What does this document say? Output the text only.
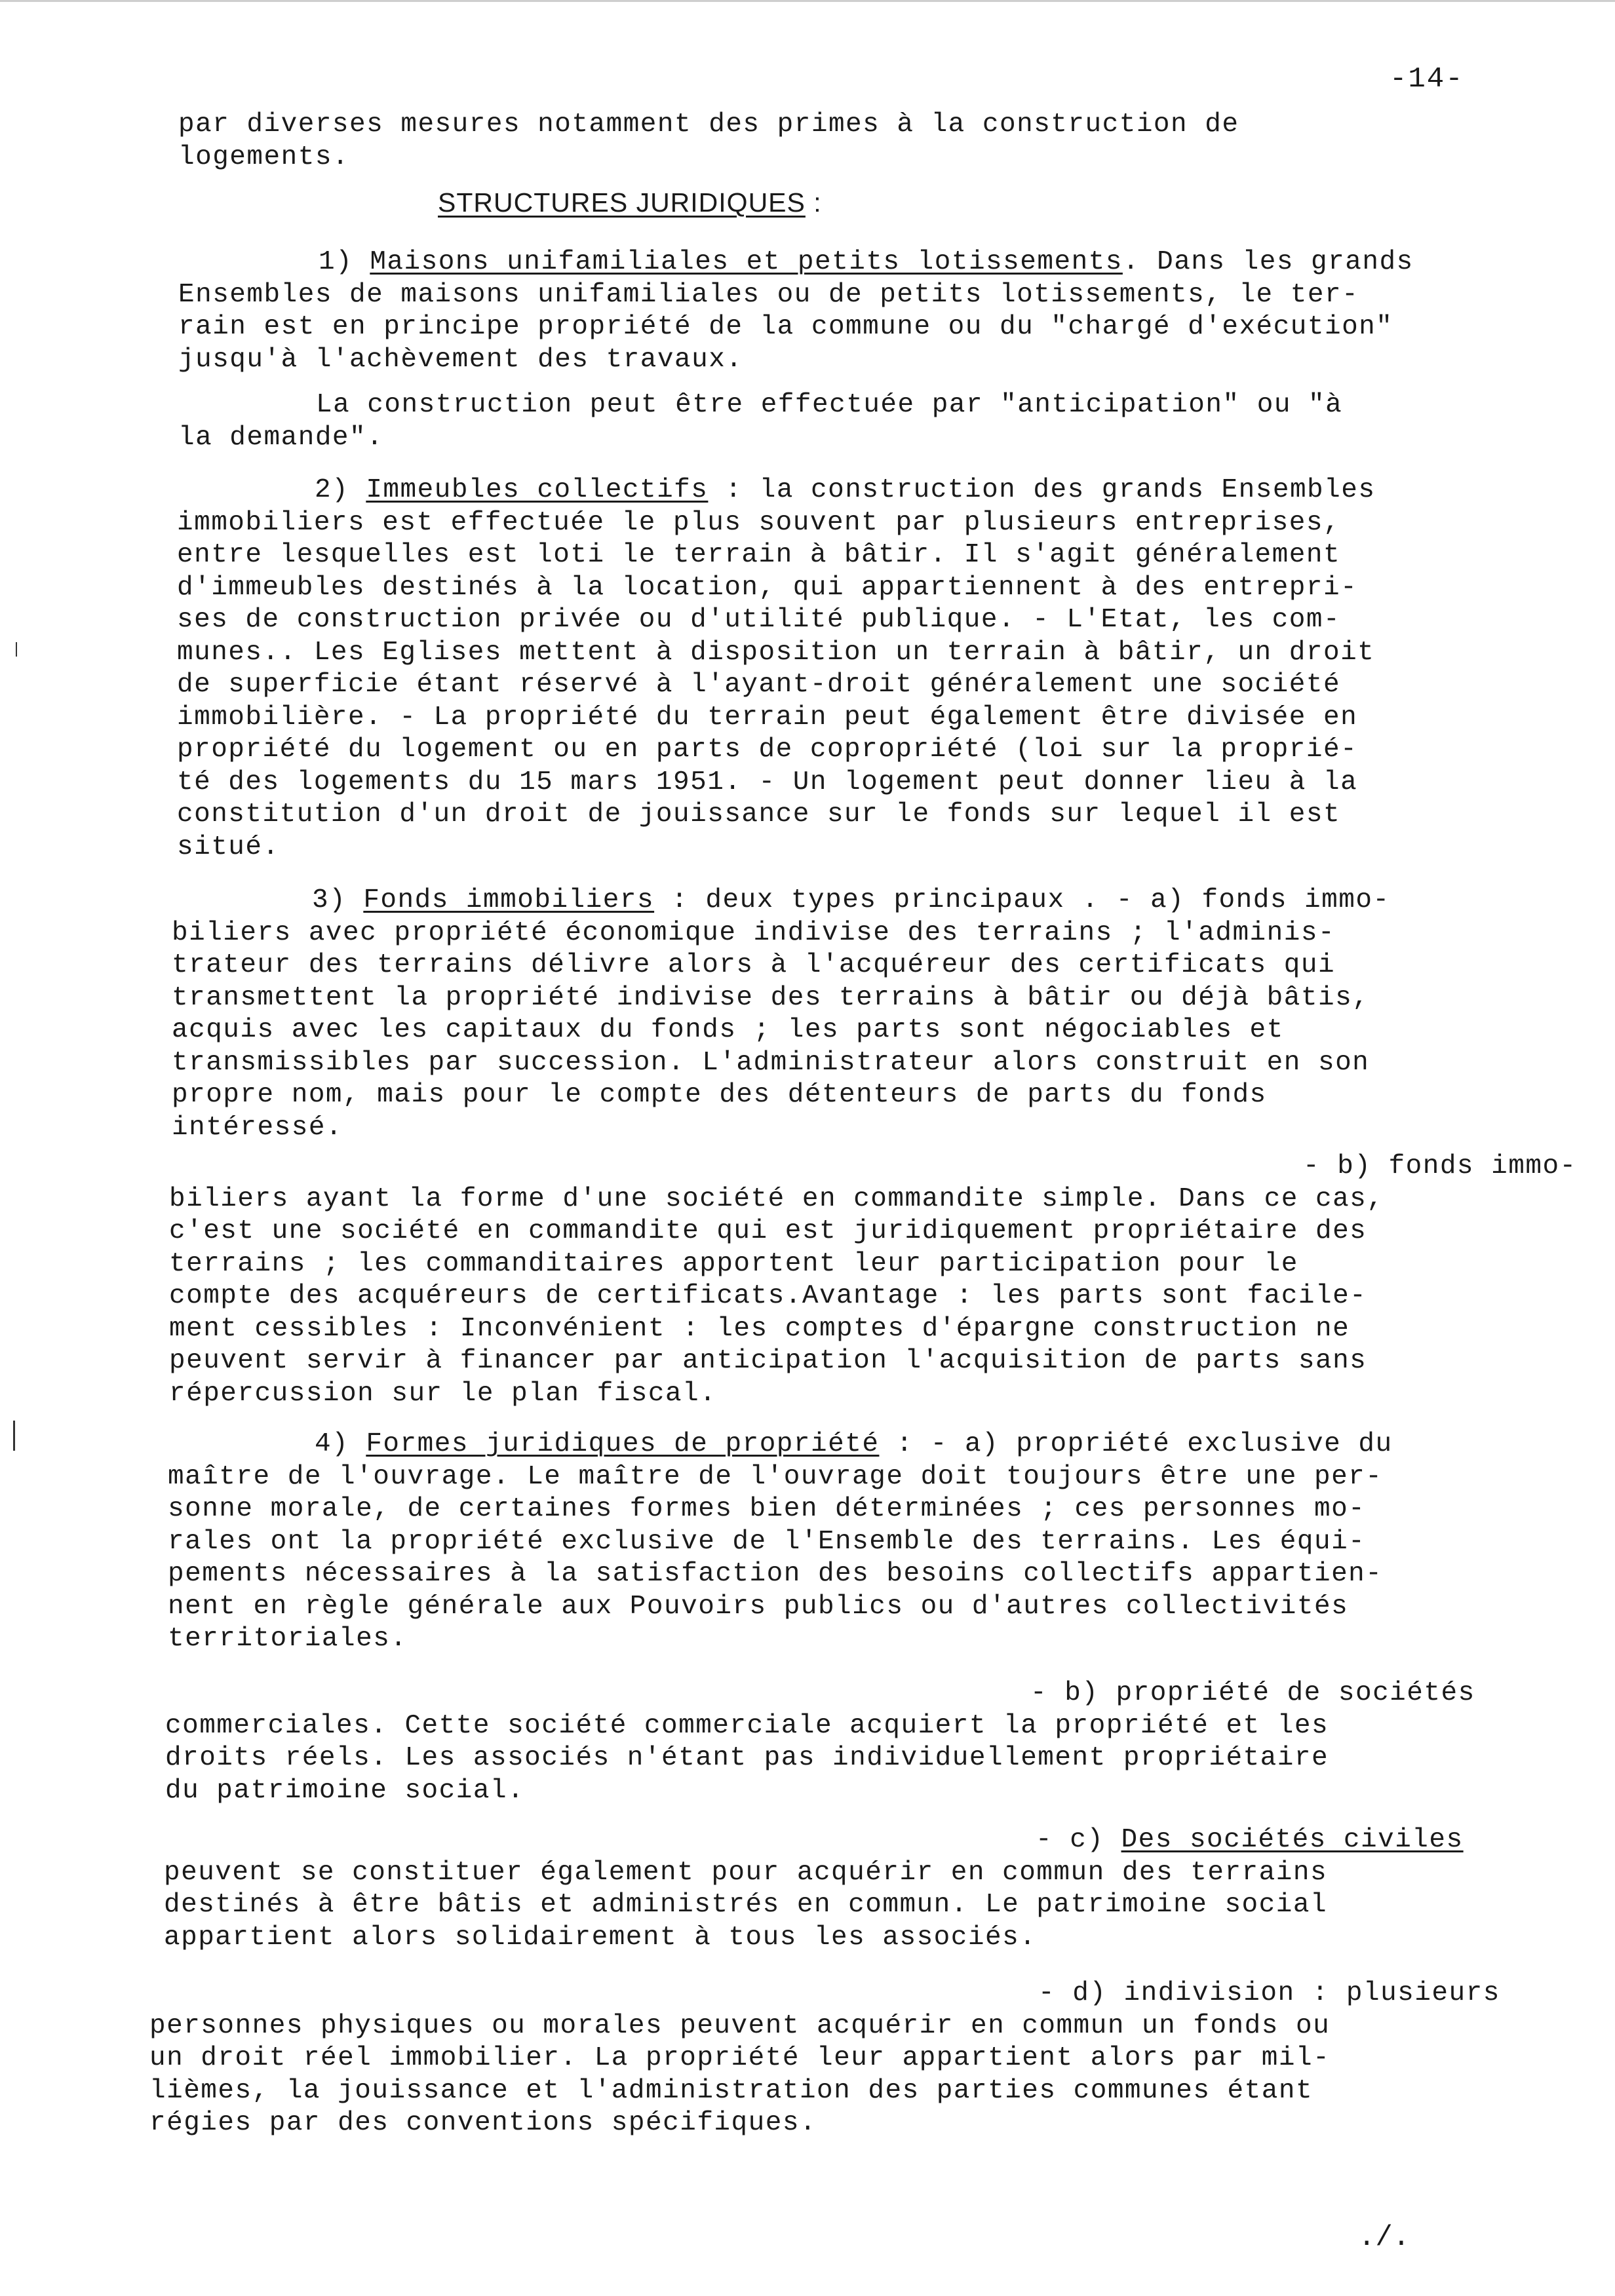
-14-
par diverses mesures notamment des primes à la construction de
logements.
STRUCTURES JURIDIQUES :
1) Maisons unifamiliales et petits lotissements. Dans les grands
Ensembles de maisons unifamiliales ou de petits lotissements, le ter-
rain est en principe propriété de la commune ou du "chargé d'exécution"
jusqu'à l'achèvement des travaux.
La construction peut être effectuée par "anticipation" ou "à
la demande".
2) Immeubles collectifs : la construction des grands Ensembles
immobiliers est effectuée le plus souvent par plusieurs entreprises,
entre lesquelles est loti le terrain à bâtir. Il s'agit généralement
d'immeubles destinés à la location, qui appartiennent à des entrepri-
ses de construction privée ou d'utilité publique. - L'Etat, les com-
munes.. Les Eglises mettent à disposition un terrain à bâtir, un droit
de superficie étant réservé à l'ayant-droit généralement une société
immobilière. - La propriété du terrain peut également être divisée en
propriété du logement ou en parts de copropriété (loi sur la proprié-
té des logements du 15 mars 1951. - Un logement peut donner lieu à la
constitution d'un droit de jouissance sur le fonds sur lequel il est
situé.
3) Fonds immobiliers : deux types principaux . - a) fonds immo-
biliers avec propriété économique indivise des terrains ; l'adminis-
trateur des terrains délivre alors à l'acquéreur des certificats qui
transmettent la propriété indivise des terrains à bâtir ou déjà bâtis,
acquis avec les capitaux du fonds ; les parts sont négociables et
transmissibles par succession. L'administrateur alors construit en son
propre nom, mais pour le compte des détenteurs de parts du fonds
intéressé.
- b) fonds immo-
biliers ayant la forme d'une société en commandite simple. Dans ce cas,
c'est une société en commandite qui est juridiquement propriétaire des
terrains ; les commanditaires apportent leur participation pour le
compte des acquéreurs de certificats.Avantage : les parts sont facile-
ment cessibles : Inconvénient : les comptes d'épargne construction ne
peuvent servir à financer par anticipation l'acquisition de parts sans
répercussion sur le plan fiscal.
4) Formes juridiques de propriété : - a) propriété exclusive du
maître de l'ouvrage. Le maître de l'ouvrage doit toujours être une per-
sonne morale, de certaines formes bien déterminées ; ces personnes mo-
rales ont la propriété exclusive de l'Ensemble des terrains. Les équi-
pements nécessaires à la satisfaction des besoins collectifs appartien-
nent en règle générale aux Pouvoirs publics ou d'autres collectivités
territoriales.
- b) propriété de sociétés
commerciales. Cette société commerciale acquiert la propriété et les
droits réels. Les associés n'étant pas individuellement propriétaire
du patrimoine social.
- c) Des sociétés civiles
peuvent se constituer également pour acquérir en commun des terrains
destinés à être bâtis et administrés en commun. Le patrimoine social
appartient alors solidairement à tous les associés.
- d) indivision : plusieurs
personnes physiques ou morales peuvent acquérir en commun un fonds ou
un droit réel immobilier. La propriété leur appartient alors par mil-
lièmes, la jouissance et l'administration des parties communes étant
régies par des conventions spécifiques.
./.
